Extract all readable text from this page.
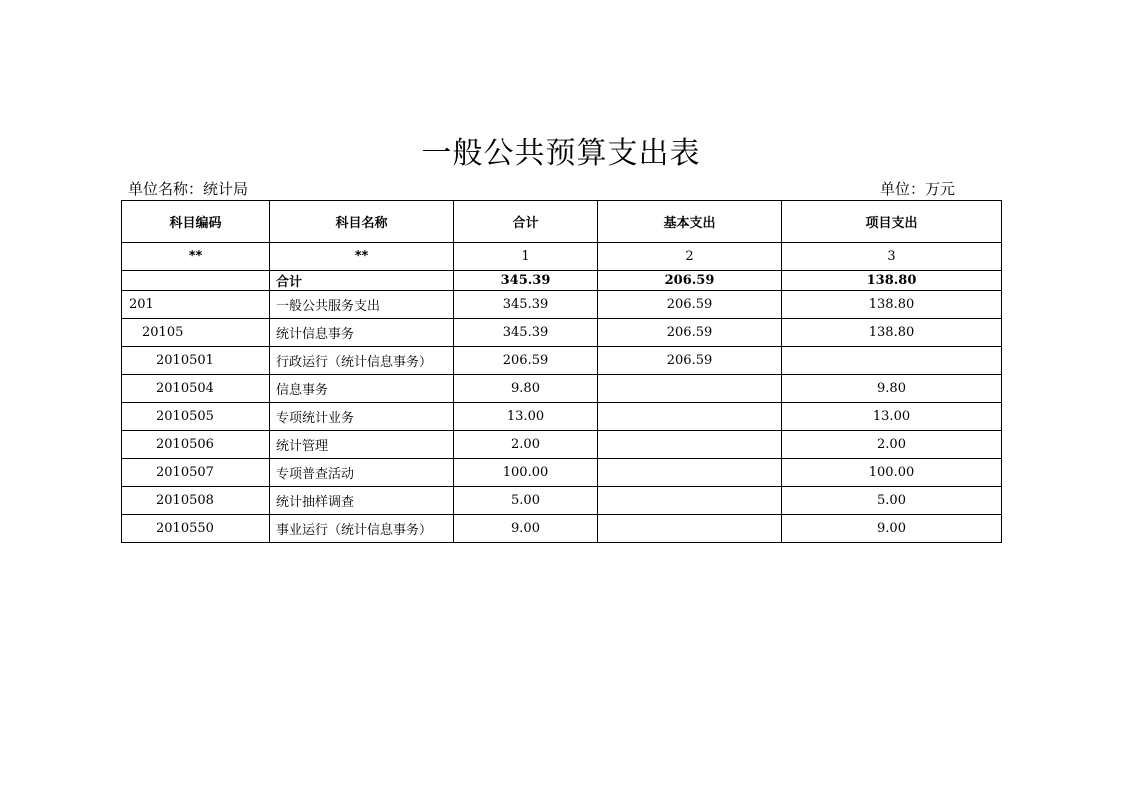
一般公共预算支出表
单位名称：统计局	单位：万元
科目编码	科目名称	合计	基本支出	项目支出
**	**	1	2	3
	合计	345.39	206.59	138.80
201	一般公共服务支出	345.39	206.59	138.80
20105	统计信息事务	345.39	206.59	138.80
2010501	行政运行（统计信息事务）	206.59	206.59	
2010504	信息事务	9.80		9.80
2010505	专项统计业务	13.00		13.00
2010506	统计管理	2.00		2.00
2010507	专项普查活动	100.00		100.00
2010508	统计抽样调查	5.00		5.00
2010550	事业运行（统计信息事务）	9.00		9.00
